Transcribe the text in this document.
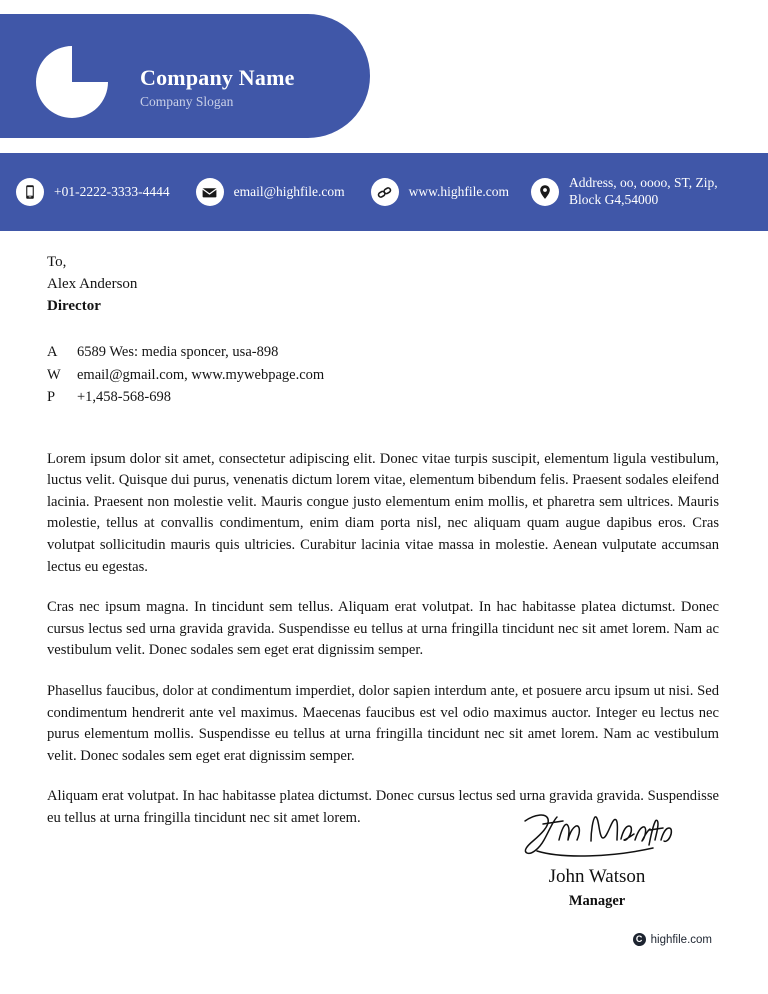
Company Name
Company Slogan
+01-2222-3333-4444	email@highfile.com	www.highfile.com
Address, oo, oooo, ST, Zip, Block G4,54000
To,
Alex Anderson
Director
A	6589 Wes: media sponcer, usa-898
W	email@gmail.com, www.mywebpage.com
P	+1,458-568-698

Lorem ipsum dolor sit amet, consectetur adipiscing elit. Donec vitae turpis suscipit, elementum ligula vestibulum, luctus velit. Quisque dui purus, venenatis dictum lorem vitae, elementum bibendum felis. Praesent sodales eleifend lacinia. Praesent non molestie velit. Mauris congue justo elementum enim mollis, et pharetra sem ultrices. Mauris molestie, tellus at convallis condimentum, enim diam porta nisl, nec aliquam quam augue dapibus eros. Cras volutpat sollicitudin mauris quis ultricies. Curabitur lacinia vitae massa in molestie. Aenean vulputate accumsan lectus eu egestas.

Cras nec ipsum magna. In tincidunt sem tellus. Aliquam erat volutpat. In hac habitasse platea dictumst. Donec cursus lectus sed urna gravida gravida. Suspendisse eu tellus at urna fringilla tincidunt nec sit amet lorem. Nam ac vestibulum velit. Donec sodales sem eget erat dignissim semper.

Phasellus faucibus, dolor at condimentum imperdiet, dolor sapien interdum ante, et posuere arcu ipsum ut nisi. Sed condimentum hendrerit ante vel maximus. Maecenas faucibus est vel odio maximus auctor. Integer eu lectus nec purus elementum mollis. Suspendisse eu tellus at urna fringilla tincidunt nec sit amet lorem. Nam ac vestibulum velit. Donec sodales sem eget erat dignissim semper.

Aliquam erat volutpat. In hac habitasse platea dictumst. Donec cursus lectus sed urna gravida gravida. Suspendisse eu tellus at urna fringilla tincidunt nec sit amet lorem.

John Watson
Manager
C highfile.com
